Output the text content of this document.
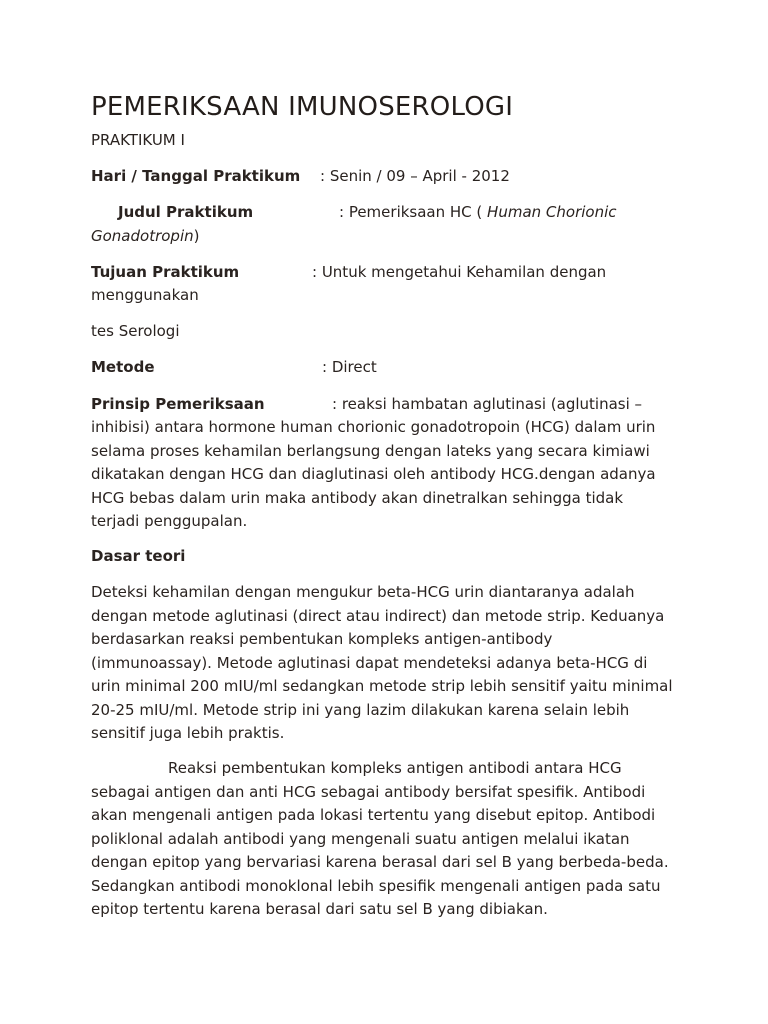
PEMERIKSAAN IMUNOSEROLOGI
PRAKTIKUM I
Hari / Tanggal Praktikum : Senin / 09 – April - 2012
Judul Praktikum	: Pemeriksaan HC ( Human Chorionic
Gonadotropin)
Tujuan Praktikum	: Untuk mengetahui Kehamilan dengan
menggunakan
tes Serologi
Metode	: Direct
Prinsip Pemeriksaan	: reaksi hambatan aglutinasi (aglutinasi –
inhibisi) antara hormone human chorionic gonadotropoin (HCG) dalam urin
selama proses kehamilan berlangsung dengan lateks yang secara kimiawi
dikatakan dengan HCG dan diaglutinasi oleh antibody HCG.dengan adanya
HCG bebas dalam urin maka antibody akan dinetralkan sehingga tidak
terjadi penggupalan.
Dasar teori
Deteksi kehamilan dengan mengukur beta-HCG urin diantaranya adalah
dengan metode aglutinasi (direct atau indirect) dan metode strip. Keduanya
berdasarkan reaksi pembentukan kompleks antigen-antibody
(immunoassay). Metode aglutinasi dapat mendeteksi adanya beta-HCG di
urin minimal 200 mIU/ml sedangkan metode strip lebih sensitif yaitu minimal
20-25 mIU/ml. Metode strip ini yang lazim dilakukan karena selain lebih
sensitif juga lebih praktis.
Reaksi pembentukan kompleks antigen antibodi antara HCG
sebagai antigen dan anti HCG sebagai antibody bersifat spesifik. Antibodi
akan mengenali antigen pada lokasi tertentu yang disebut epitop. Antibodi
poliklonal adalah antibodi yang mengenali suatu antigen melalui ikatan
dengan epitop yang bervariasi karena berasal dari sel B yang berbeda-beda.
Sedangkan antibodi monoklonal lebih spesifik mengenali antigen pada satu
epitop tertentu karena berasal dari satu sel B yang dibiakan.
